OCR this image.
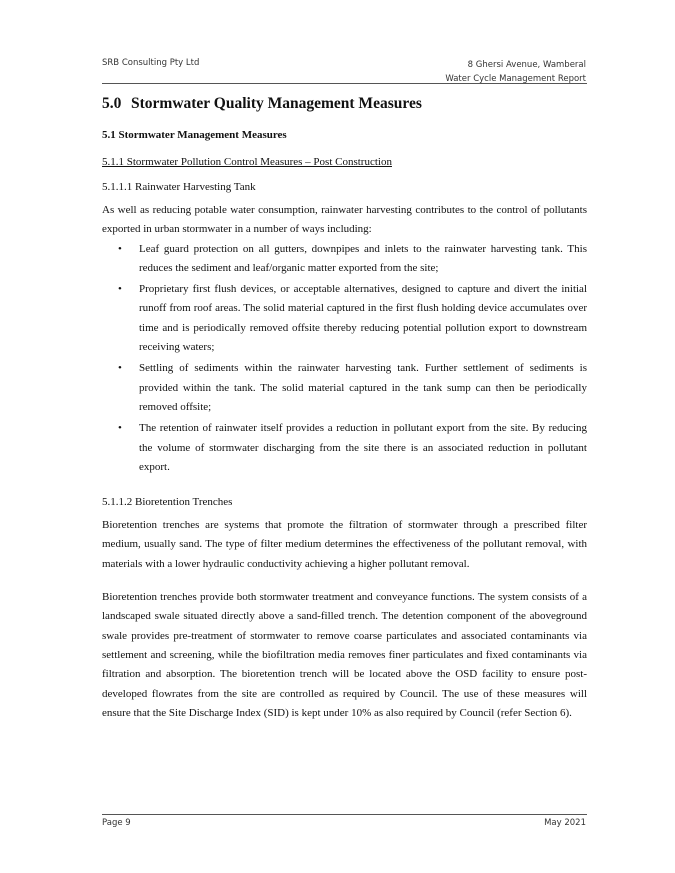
SRB Consulting Pty Ltd	8 Ghersi Avenue, Wamberal
Water Cycle Management Report
5.0 Stormwater Quality Management Measures
5.1 Stormwater Management Measures
5.1.1 Stormwater Pollution Control Measures – Post Construction
5.1.1.1 Rainwater Harvesting Tank

As well as reducing potable water consumption, rainwater harvesting contributes to the control of pollutants exported in urban stormwater in a number of ways including:

• Leaf guard protection on all gutters, downpipes and inlets to the rainwater harvesting tank. This reduces the sediment and leaf/organic matter exported from the site;
• Proprietary first flush devices, or acceptable alternatives, designed to capture and divert the initial runoff from roof areas. The solid material captured in the first flush holding device accumulates over time and is periodically removed offsite thereby reducing potential pollution export to downstream receiving waters;
• Settling of sediments within the rainwater harvesting tank. Further settlement of sediments is provided within the tank. The solid material captured in the tank sump can then be periodically removed offsite;
• The retention of rainwater itself provides a reduction in pollutant export from the site. By reducing the volume of stormwater discharging from the site there is an associated reduction in pollutant export.
5.1.1.2 Bioretention Trenches

Bioretention trenches are systems that promote the filtration of stormwater through a prescribed filter medium, usually sand. The type of filter medium determines the effectiveness of the pollutant removal, with materials with a lower hydraulic conductivity achieving a higher pollutant removal.

Bioretention trenches provide both stormwater treatment and conveyance functions. The system consists of a landscaped swale situated directly above a sand-filled trench. The detention component of the aboveground swale provides pre-treatment of stormwater to remove coarse particulates and associated contaminants via settlement and screening, while the biofiltration media removes finer particulates and fixed contaminants via filtration and absorption. The bioretention trench will be located above the OSD facility to ensure post-developed flowrates from the site are controlled as required by Council. The use of these measures will ensure that the Site Discharge Index (SID) is kept under 10% as also required by Council (refer Section 6).

Page 9	May 2021
